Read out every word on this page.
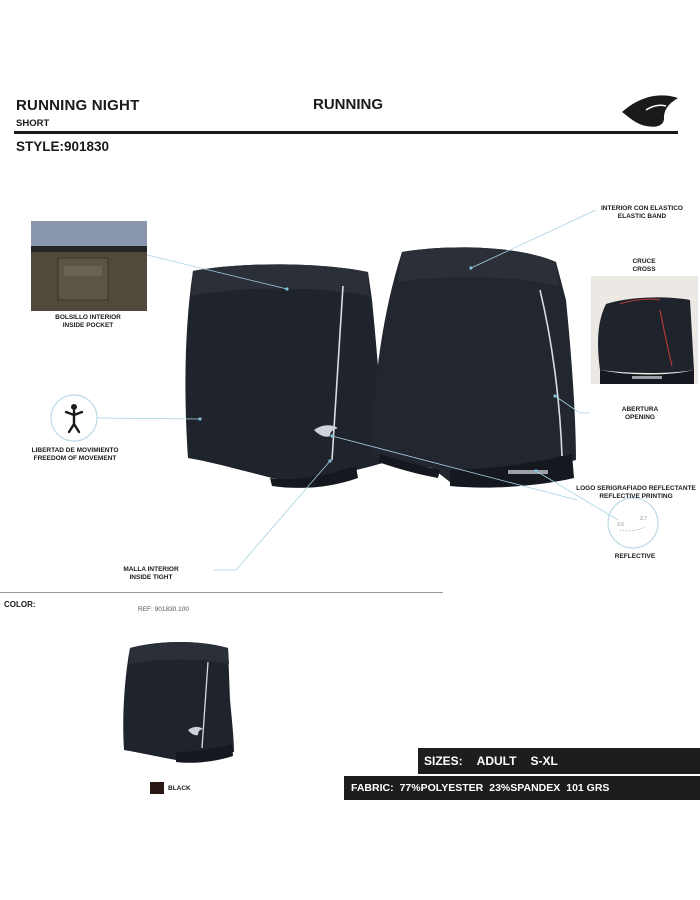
RUNNING NIGHT
SHORT
RUNNING
STYLE:901830
3.5
3.7
BOLSILLO INTERIOR
INSIDE POCKET
LIBERTAD DE MOVIMIENTO
FREEDOM OF MOVEMENT
MALLA INTERIOR
INSIDE TIGHT
INTERIOR CON ELASTICO
ELASTIC BAND
CRUCE
CROSS
ABERTURA
OPENING
LOGO SERIGRAFIADO REFLECTANTE
REFLECTIVE PRINTING
REFLECTIVE
COLOR:
REF: 901830.100
BLACK
SIZES: ADULT S-XL
FABRIC: 77%POLYESTER 23%SPANDEX 101 GRS
